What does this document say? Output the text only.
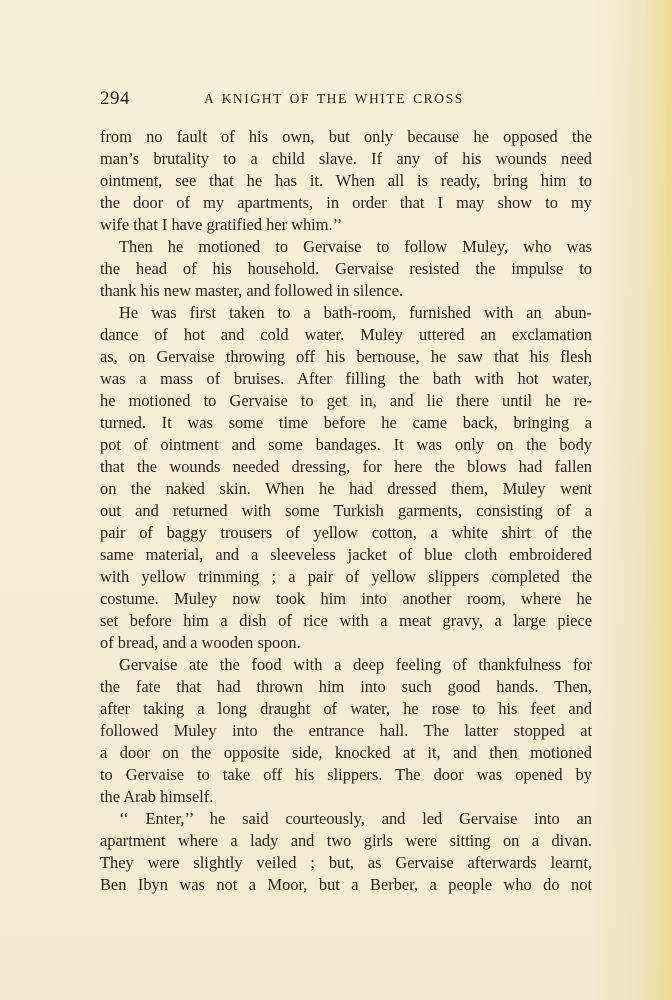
294	A KNIGHT OF THE WHITE CROSS
from no fault of his own, but only because he opposed the
man’s brutality to a child slave. If any of his wounds need
ointment, see that he has it. When all is ready, bring him to
the door of my apartments, in order that I may show to my
wife that I have gratified her whim.’’
Then he motioned to Gervaise to follow Muley, who was
the head of his household. Gervaise resisted the impulse to
thank his new master, and followed in silence.
He was first taken to a bath-room, furnished with an abun-
dance of hot and cold water. Muley uttered an exclamation
as, on Gervaise throwing off his bernouse, he saw that his flesh
was a mass of bruises. After filling the bath with hot water,
he motioned to Gervaise to get in, and lie there until he re-
turned. It was some time before he came back, bringing a
pot of ointment and some bandages. It was only on the body
that the wounds needed dressing, for here the blows had fallen
on the naked skin. When he had dressed them, Muley went
out and returned with some Turkish garments, consisting of a
pair of baggy trousers of yellow cotton, a white shirt of the
same material, and a sleeveless jacket of blue cloth embroidered
with yellow trimming ; a pair of yellow slippers completed the
costume. Muley now took him into another room, where he
set before him a dish of rice with a meat gravy, a large piece
of bread, and a wooden spoon.
Gervaise ate the food with a deep feeling of thankfulness for
the fate that had thrown him into such good hands. Then,
after taking a long draught of water, he rose to his feet and
followed Muley into the entrance hall. The latter stopped at
a door on the opposite side, knocked at it, and then motioned
to Gervaise to take off his slippers. The door was opened by
the Arab himself.
‘‘ Enter,’’ he said courteously, and led Gervaise into an
apartment where a lady and two girls were sitting on a divan.
They were slightly veiled ; but, as Gervaise afterwards learnt,
Ben Ibyn was not a Moor, but a Berber, a people who do not
